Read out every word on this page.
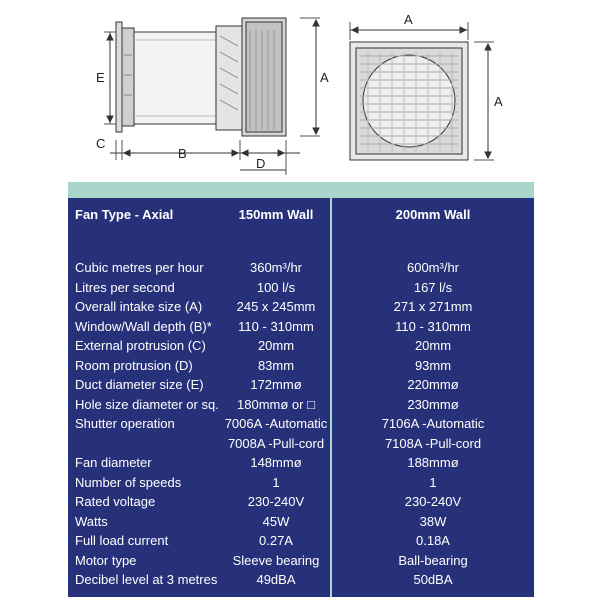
E
C
B
D
A
A
A
Fan Type - Axial	150mm Wall	200mm Wall
Cubic metres per hour	360m³/hr	600m³/hr
Litres per second	100 l/s	167 l/s
Overall intake size (A)	245 x 245mm	271 x 271mm
Window/Wall depth (B)*	110 - 310mm	110 - 310mm
External protrusion (C)	20mm	20mm
Room protrusion (D)	83mm	93mm
Duct diameter size (E)	172mmø	220mmø
Hole size diameter or sq.	180mmø or □	230mmø
Shutter operation	7006A -Automatic	7106A -Automatic
7008A -Pull-cord	7108A -Pull-cord
Fan diameter	148mmø	188mmø
Number of speeds	1	1
Rated voltage	230-240V	230-240V
Watts	45W	38W
Full load current	0.27A	0.18A
Motor type	Sleeve bearing	Ball-bearing
Decibel level at 3 metres	49dBA	50dBA
